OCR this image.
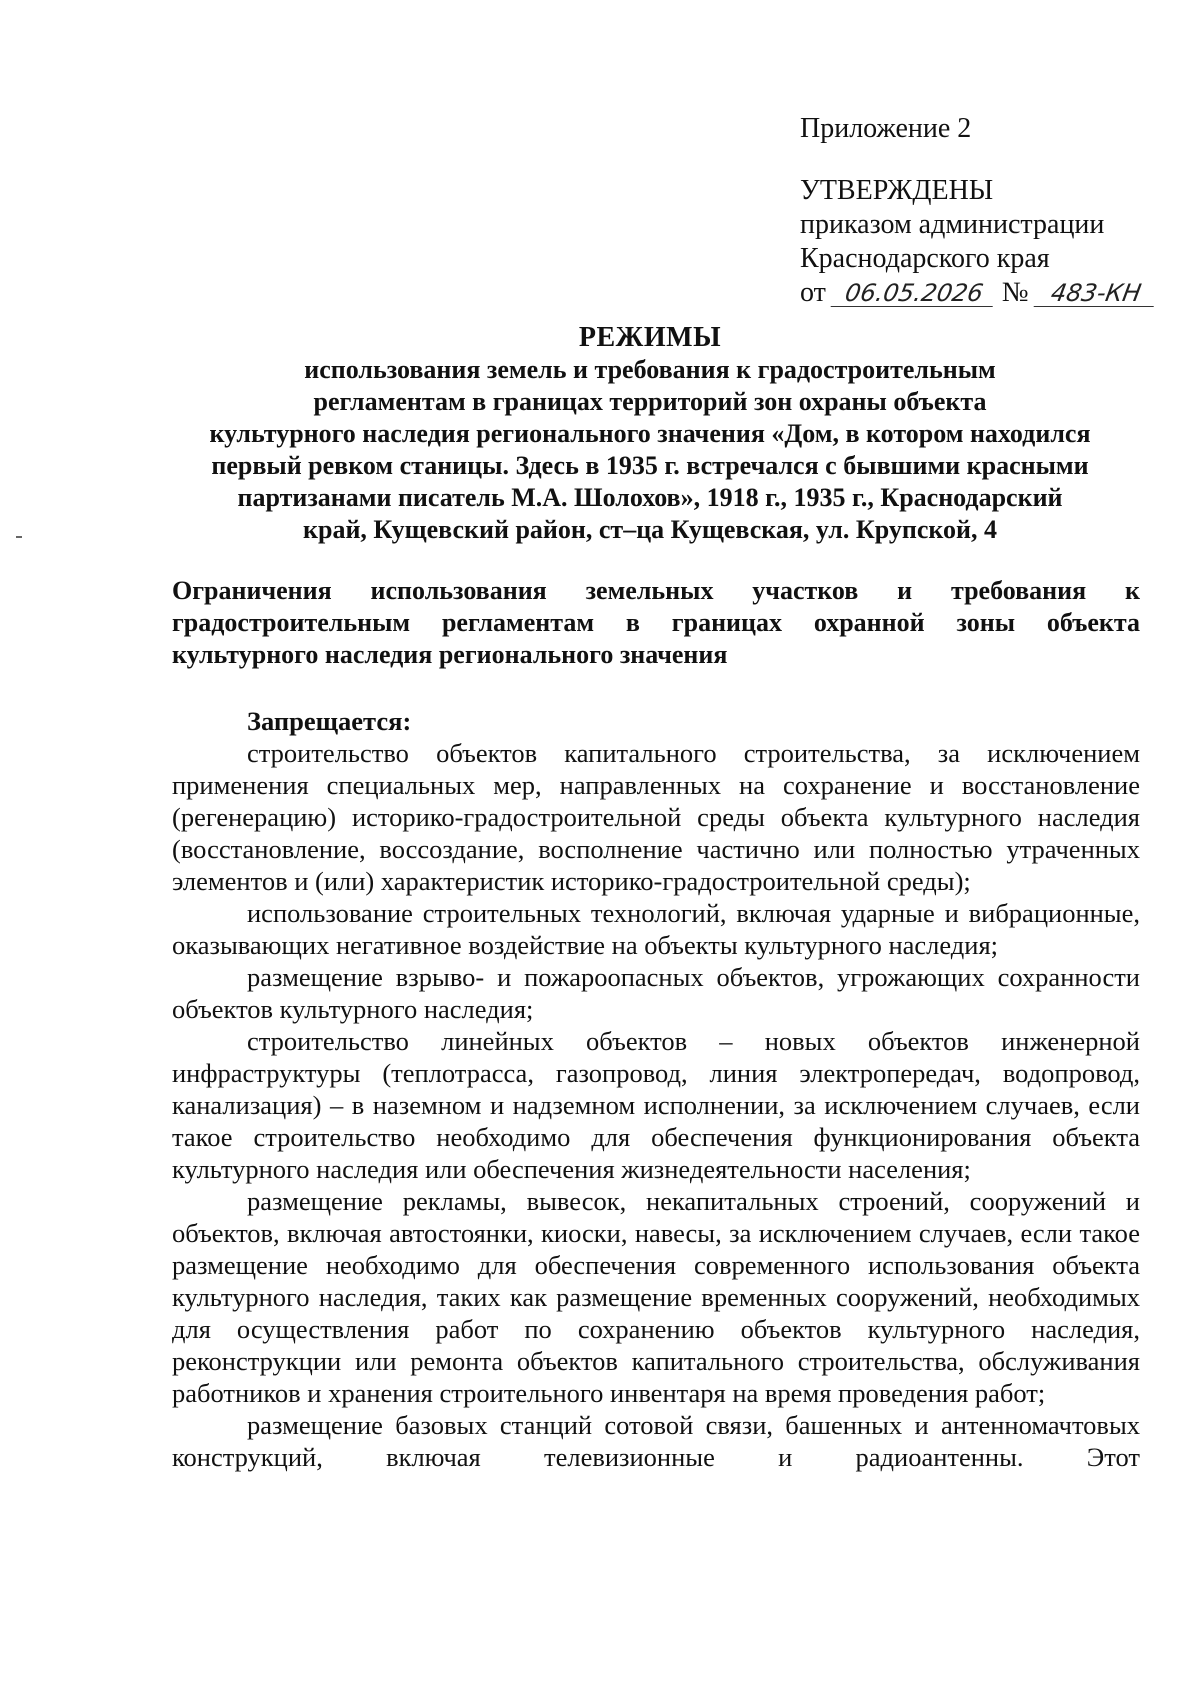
Приложение 2
УТВЕРЖДЕНЫ
приказом администрации
Краснодарского края
от 06.05.2026 № 483-КН
РЕЖИМЫ
использования земель и требования к градостроительным
регламентам в границах территорий зон охраны объекта
культурного наследия регионального значения «Дом, в котором находился
первый ревком станицы. Здесь в 1935 г. встречался с бывшими красными
партизанами писатель М.А. Шолохов», 1918 г., 1935 г., Краснодарский
край, Кущевский район, ст–ца Кущевская, ул. Крупской, 4
Ограничения использования земельных участков и требования к градостроительным регламентам в границах охранной зоны объекта культурного наследия регионального значения
Запрещается:

строительство объектов капитального строительства, за исключением применения специальных мер, направленных на сохранение и восстановление (регенерацию) историко-градостроительной среды объекта культурного наследия (восстановление, воссоздание, восполнение частично или полностью утраченных элементов и (или) характеристик историко-градостроительной среды);

использование строительных технологий, включая ударные и вибрационные, оказывающих негативное воздействие на объекты культурного наследия;

размещение взрыво- и пожароопасных объектов, угрожающих сохранности объектов культурного наследия;

строительство линейных объектов – новых объектов инженерной инфраструктуры (теплотрасса, газопровод, линия электропередач, водопровод, канализация) – в наземном и надземном исполнении, за исключением случаев, если такое строительство необходимо для обеспечения функционирования объекта культурного наследия или обеспечения жизнедеятельности населения;

размещение рекламы, вывесок, некапитальных строений, сооружений и объектов, включая автостоянки, киоски, навесы, за исключением случаев, если такое размещение необходимо для обеспечения современного использования объекта культурного наследия, таких как размещение временных сооружений, необходимых для осуществления работ по сохранению объектов культурного наследия, реконструкции или ремонта объектов капитального строительства, обслуживания работников и хранения строительного инвентаря на время проведения работ;

размещение базовых станций сотовой связи, башенных и антенномачтовых конструкций, включая телевизионные и радиоантенны. Этот
